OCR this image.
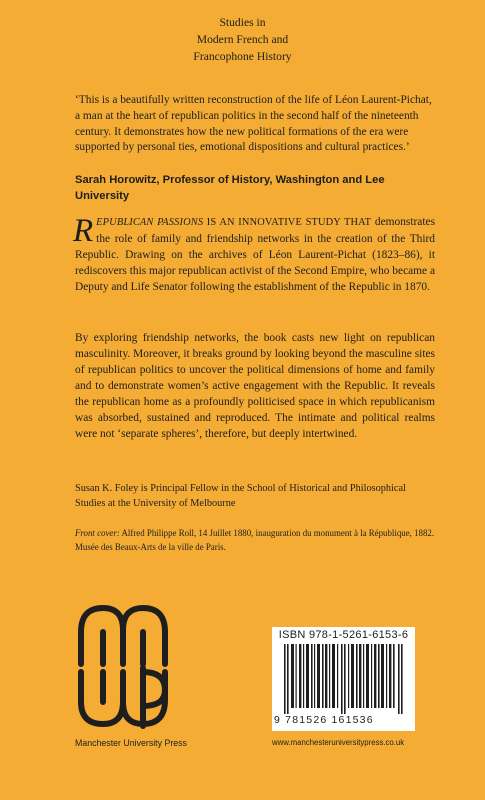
Studies in
Modern French and
Francophone History
‘This is a beautifully written reconstruction of the life of Léon Laurent-Pichat, a man at the heart of republican politics in the second half of the nineteenth century. It demonstrates how the new political formations of the era were supported by personal ties, emotional dispositions and cultural practices.’
Sarah Horowitz, Professor of History, Washington and Lee University
REPUBLICAN PASSIONS IS AN INNOVATIVE STUDY THAT demonstrates the role of family and friendship networks in the creation of the Third Republic. Drawing on the archives of Léon Laurent-Pichat (1823–86), it rediscovers this major republican activist of the Second Empire, who became a Deputy and Life Senator following the establishment of the Republic in 1870.
By exploring friendship networks, the book casts new light on republican masculinity. Moreover, it breaks ground by looking beyond the masculine sites of republican politics to uncover the political dimensions of home and family and to demonstrate women’s active engagement with the Republic. It reveals the republican home as a profoundly politicised space in which republicanism was absorbed, sustained and reproduced. The intimate and political realms were not ‘separate spheres’, therefore, but deeply intertwined.
Susan K. Foley is Principal Fellow in the School of Historical and Philosophical Studies at the University of Melbourne
Front cover: Alfred Philippe Roll, 14 Juillet 1880, inauguration du monument à la République, 1882. Musée des Beaux-Arts de la ville de Paris.
Manchester University Press
ISBN 978-1-5261-6153-6
9 781526 161536
www.manchesteruniversitypress.co.uk
